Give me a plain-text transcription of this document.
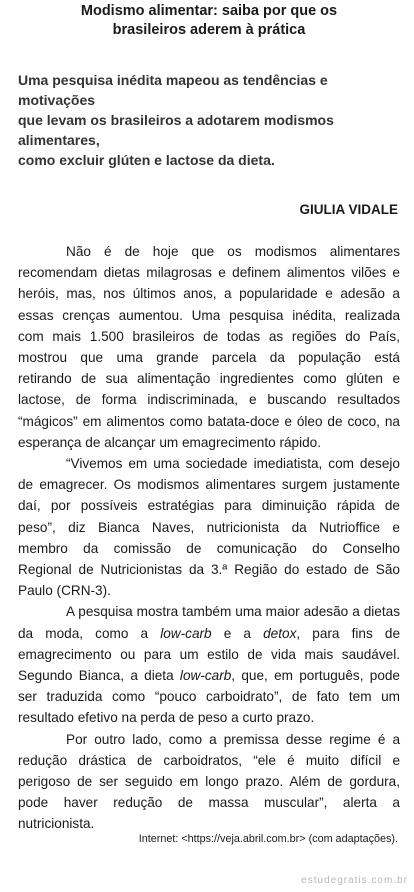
Modismo alimentar: saiba por que os
brasileiros aderem à prática
Uma pesquisa inédita mapeou as tendências e motivações
que levam os brasileiros a adotarem modismos alimentares,
como excluir glúten e lactose da dieta.
GIULIA VIDALE

Não é de hoje que os modismos alimentares
recomendam dietas milagrosas e definem alimentos vilões e
heróis, mas, nos últimos anos, a popularidade e adesão a
essas crenças aumentou. Uma pesquisa inédita, realizada
com mais 1.500 brasileiros de todas as regiões do País,
mostrou que uma grande parcela da população está
retirando de sua alimentação ingredientes como glúten e
lactose, de forma indiscriminada, e buscando resultados
“mágicos” em alimentos como batata-doce e óleo de coco, na
esperança de alcançar um emagrecimento rápido.

“Vivemos em uma sociedade imediatista, com desejo
de emagrecer. Os modismos alimentares surgem justamente
daí, por possíveis estratégias para diminuição rápida de
peso”, diz Bianca Naves, nutricionista da Nutrioffice e
membro da comissão de comunicação do Conselho
Regional de Nutricionistas da 3.ª Região do estado de São
Paulo (CRN-3).

A pesquisa mostra também uma maior adesão a dietas
da moda, como a low-carb e a detox, para fins de
emagrecimento ou para um estilo de vida mais saudável.
Segundo Bianca, a dieta low-carb, que, em português, pode
ser traduzida como “pouco carboidrato”, de fato tem um
resultado efetivo na perda de peso a curto prazo.

Por outro lado, como a premissa desse regime é a
redução drástica de carboidratos, “ele é muito difícil e
perigoso de ser seguido em longo prazo. Além de gordura,
pode haver redução de massa muscular”, alerta a
nutricionista.

Internet: <https://veja.abril.com.br> (com adaptações).
estudegratis.com.br
